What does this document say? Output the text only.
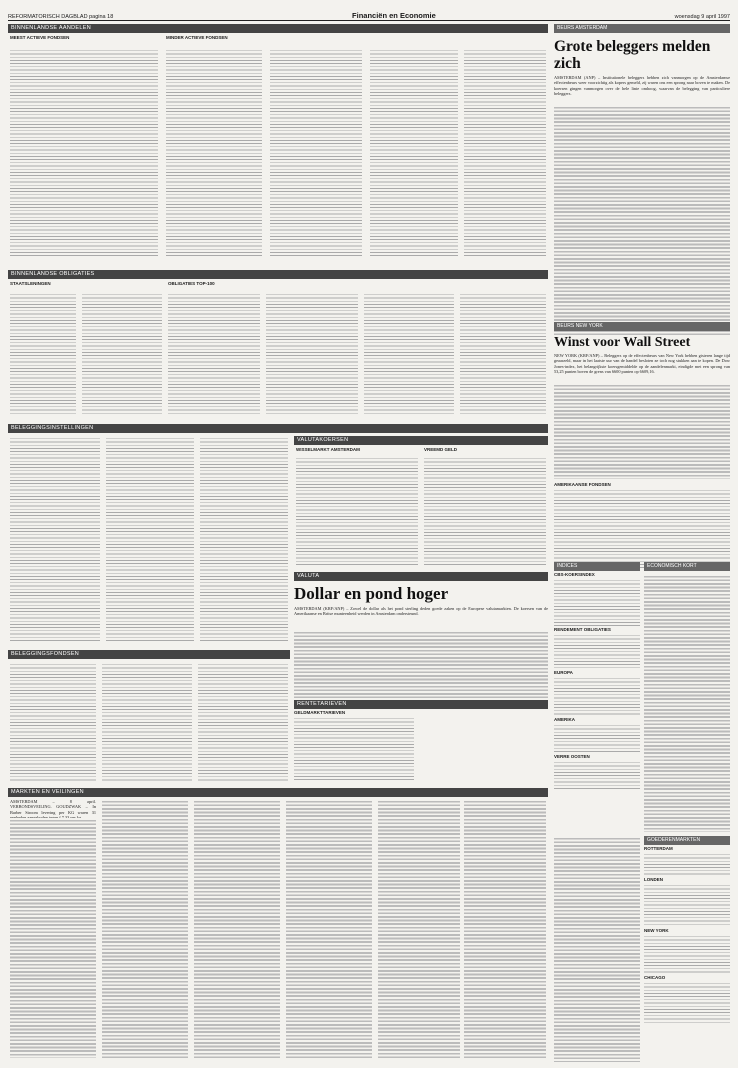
REFORMATORISCH DAGBLAD pagina 18	Financiën en Economie	woensdag 9 april 1997
BINNENLANDSE AANDELEN
MEEST ACTIEVE FONDSEN	MINDER ACTIEVE FONDSEN
BEURS AMSTERDAM
Grote beleggers melden zich
AMSTERDAM (ANP) – Institutionele beleggers hebben zich vanmorgen op de Amsterdamse effectenbeurs weer voorzichtig als kopers gemeld, zij waren ons een sprong naar boven te maken. De koersen gingen vanmorgen over de hele linie omhoog, waarvan de belegging van particuliere beleggers.
BINNENLANDSE OBLIGATIES
STAATSLENINGEN	OBLIGATIES TOP-100
BEURS NEW YORK
Winst voor Wall Street
NEW YORK (KRF/ANP) – Beleggers op de effectenbeurs van New York hebben gisteren lange tijd geaarzeld, maar in het laatste uur van de handel besloten ze toch nog stukken aan te kopen. De Dow Jones-index, het belangrijkste koersgemiddelde op de aandelenmarkt, eindigde met een sprong van 53,25 punten boven de grens van 6600 punten op 6609,16.
AMERIKAANSE FONDSEN
BELEGGINGSINSTELLINGEN
VALUTAKOERSEN
WISSELMARKT AMSTERDAM	VREEMD GELD
VALUTA
Dollar en pond hoger
AMSTERDAM (KRF/ANP) – Zowel de dollar als het pond sterling deden goede zaken op de Europese valutamarkten. De koersen van de Amerikaanse en Britse munteenheid werden in Amsterdam ondersteund.
INDICES
CBS-KOERSINDEX
RENDEMENT OBLIGATIES
EUROPA
AMERIKA
VERRE OOSTEN
ECONOMISCH KORT
RENTETARIEVEN
GELDMARKTTARIEVEN
BELEGGINGSFONDSEN
MARKTEN EN VEILINGEN
AMSTERDAM – 8 april. VERBONDSVEILING. GOUDZWAK – In Barber Stroom levering per KG waren 31
GOEDERENMARKTEN
ROTTERDAM
LONDEN
NEW YORK
CHICAGO
